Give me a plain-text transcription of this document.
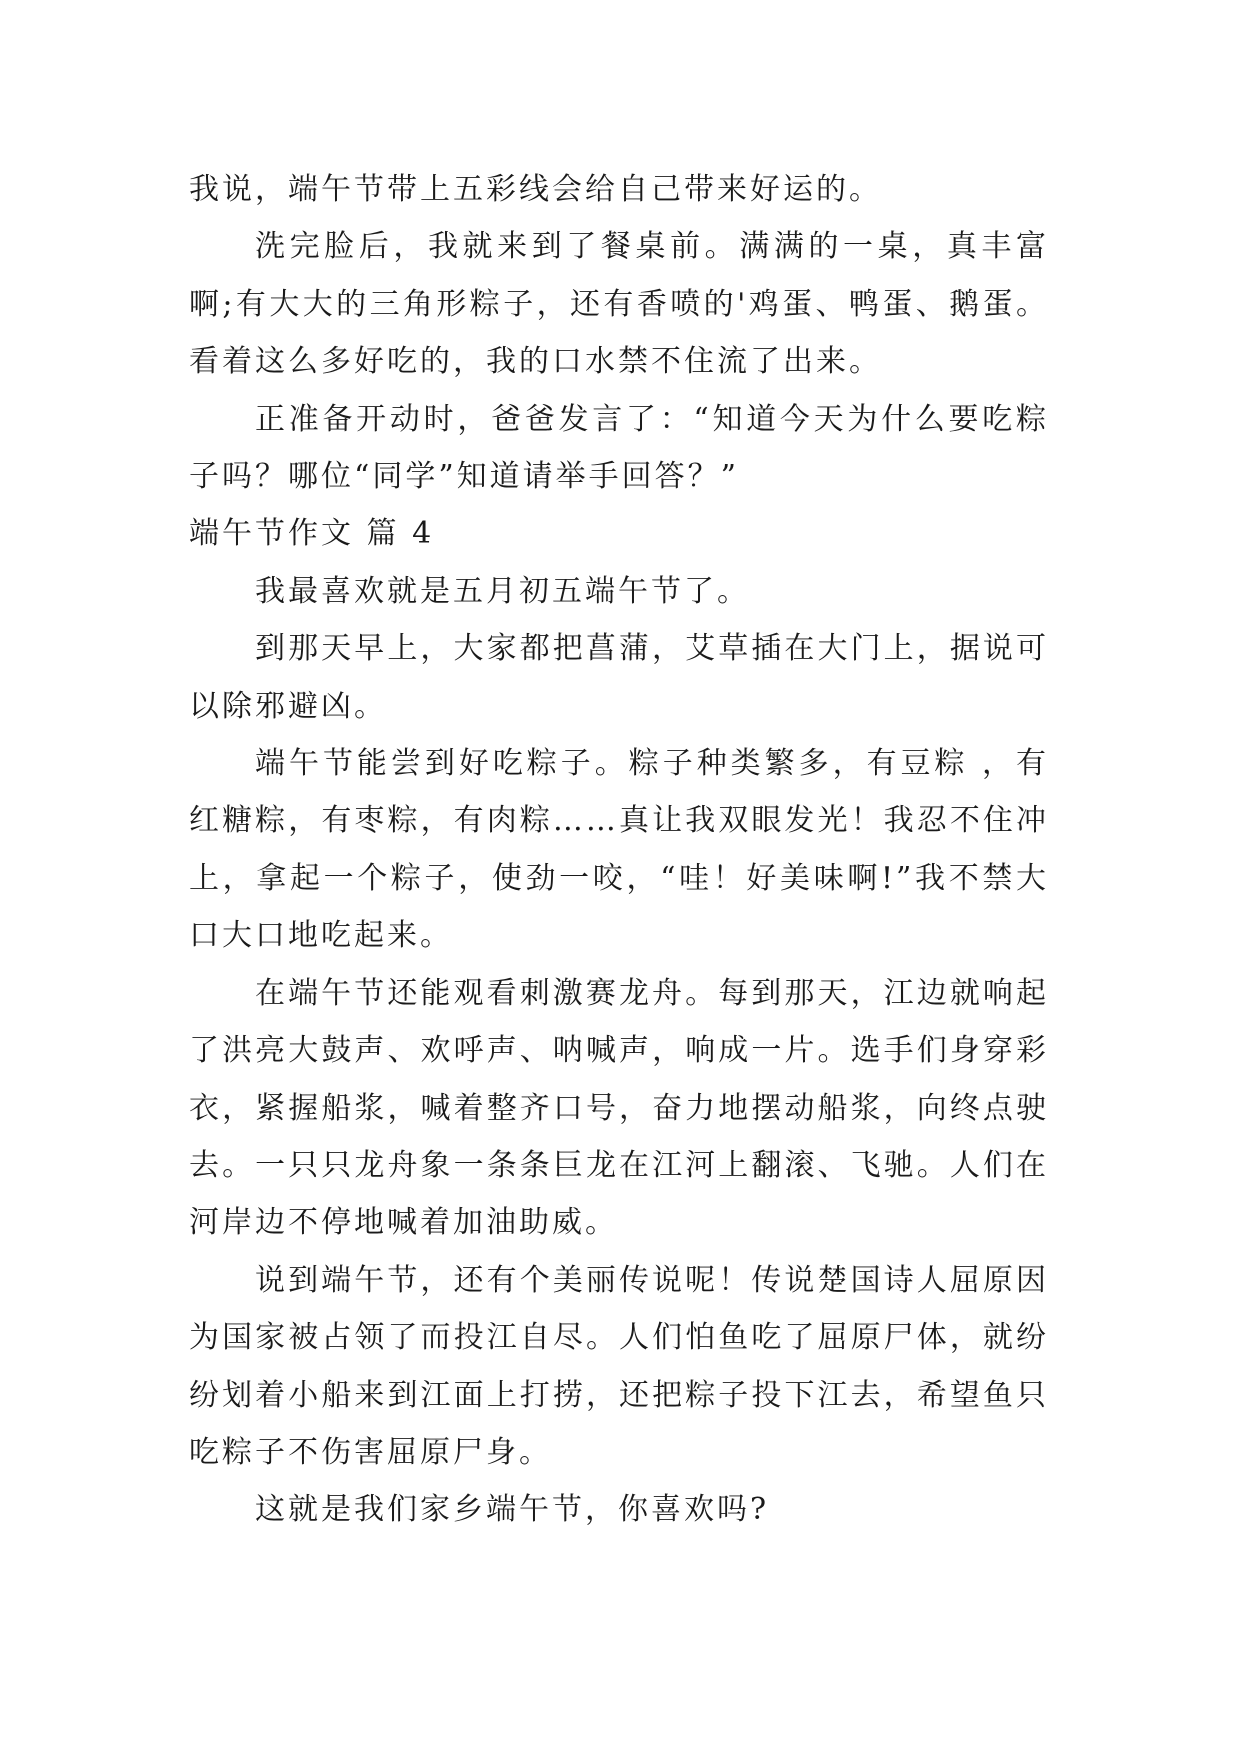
我说，端午节带上五彩线会给自己带来好运的。

洗完脸后，我就来到了餐桌前。满满的一桌，真丰富啊;有大大的三角形粽子，还有香喷的'鸡蛋、鸭蛋、鹅蛋。看着这么多好吃的，我的口水禁不住流了出来。

正准备开动时，爸爸发言了：“知道今天为什么要吃粽子吗？哪位“同学”知道请举手回答？”

端午节作文 篇 4

我最喜欢就是五月初五端午节了。

到那天早上，大家都把菖蒲，艾草插在大门上，据说可以除邪避凶。

端午节能尝到好吃粽子。粽子种类繁多，有豆粽 ，有红糖粽，有枣粽，有肉粽……真让我双眼发光！我忍不住冲上，拿起一个粽子，使劲一咬，“哇！好美味啊!”我不禁大口大口地吃起来。

在端午节还能观看刺激赛龙舟。每到那天，江边就响起了洪亮大鼓声、欢呼声、呐喊声，响成一片。选手们身穿彩衣，紧握船浆，喊着整齐口号，奋力地摆动船浆，向终点驶去。一只只龙舟象一条条巨龙在江河上翻滚、飞驰。人们在河岸边不停地喊着加油助威。

说到端午节，还有个美丽传说呢！传说楚国诗人屈原因为国家被占领了而投江自尽。人们怕鱼吃了屈原尸体，就纷纷划着小船来到江面上打捞，还把粽子投下江去，希望鱼只吃粽子不伤害屈原尸身。

这就是我们家乡端午节，你喜欢吗?
